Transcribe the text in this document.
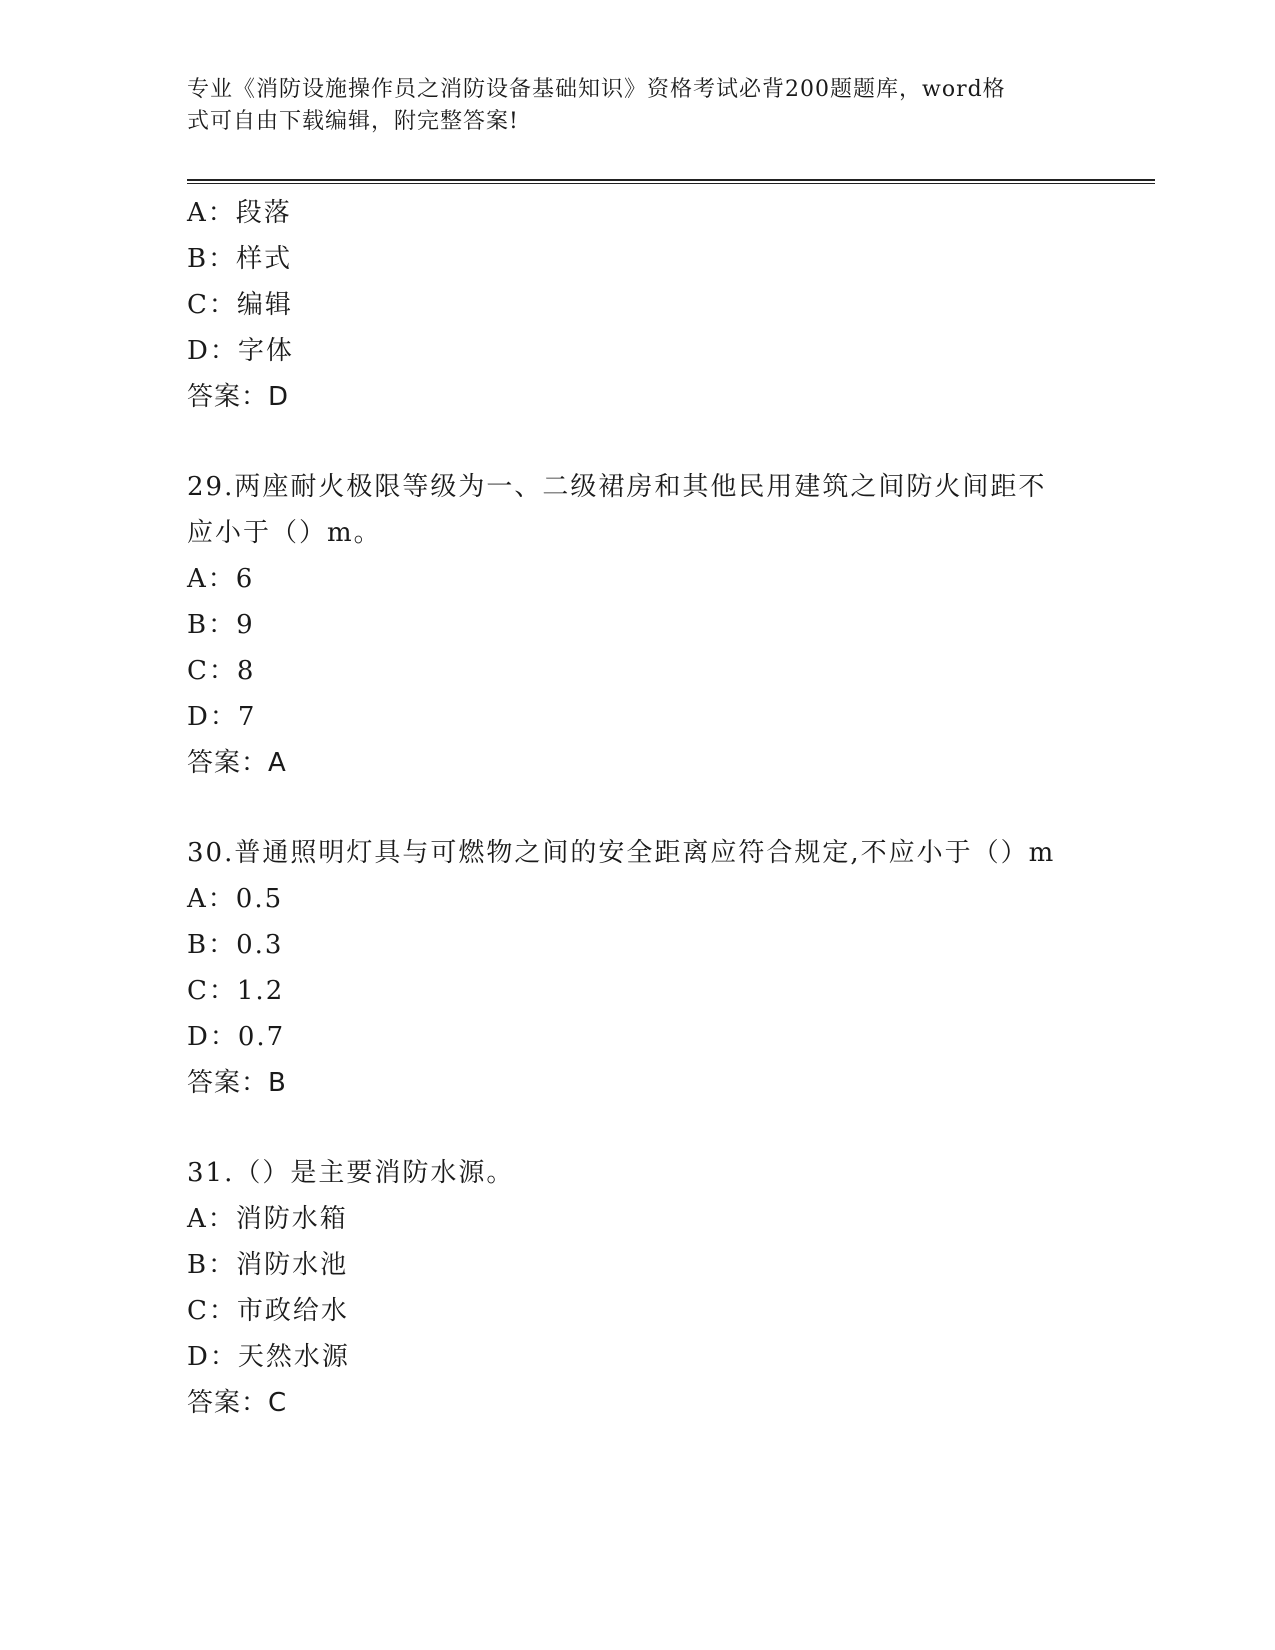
专业《消防设施操作员之消防设备基础知识》资格考试必背200题题库，word格
式可自由下载编辑，附完整答案!
A：段落
B：样式
C：编辑
D：字体
答案：D
29.两座耐火极限等级为一、二级裙房和其他民用建筑之间防火间距不
应小于（）m。
A：6
B：9
C：8
D：7
答案：A
30.普通照明灯具与可燃物之间的安全距离应符合规定,不应小于（）m
A：0.5
B：0.3
C：1.2
D：0.7
答案：B
31.（）是主要消防水源。
A：消防水箱
B：消防水池
C：市政给水
D：天然水源
答案：C
